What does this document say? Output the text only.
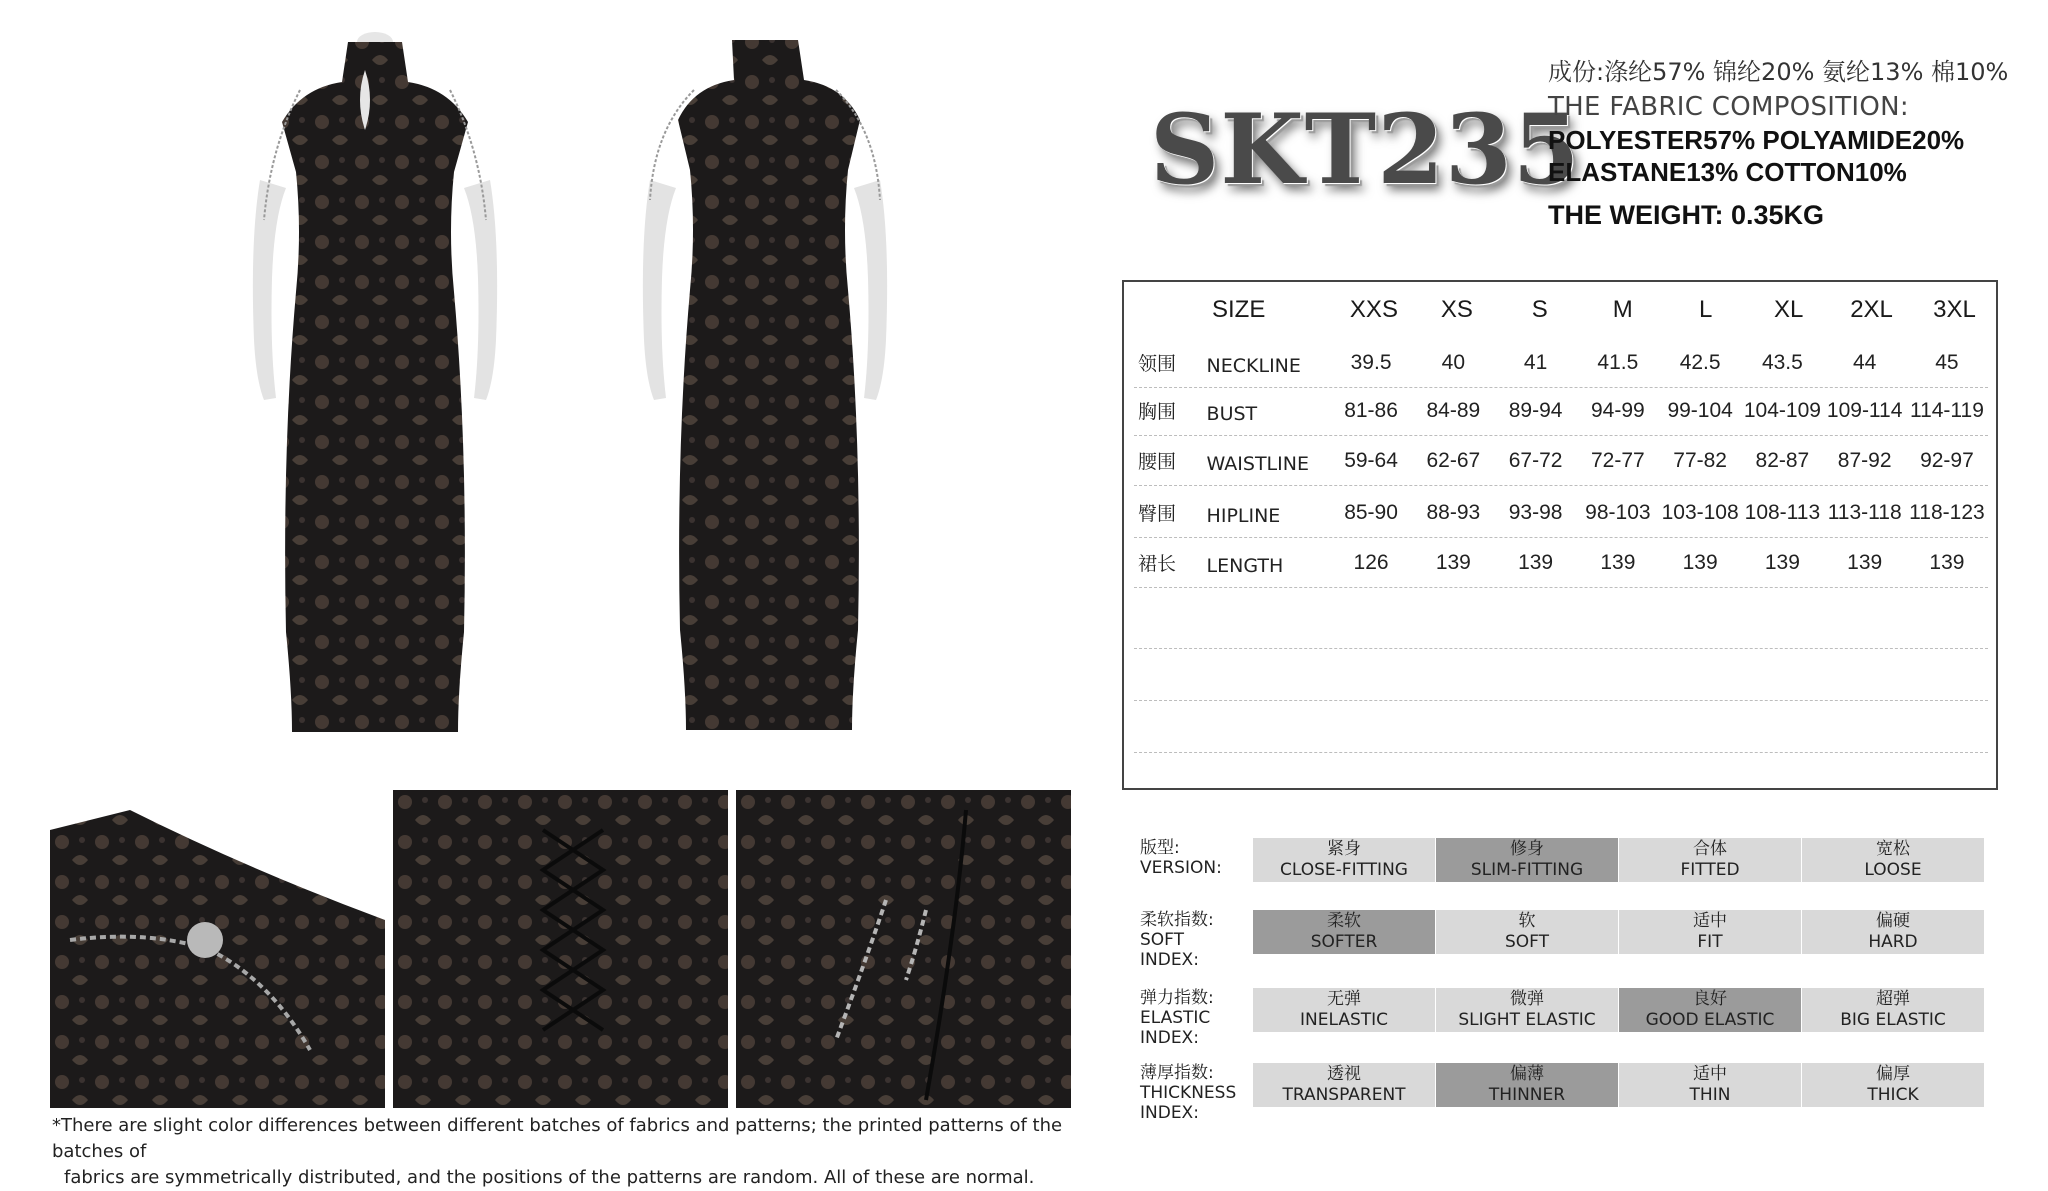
*There are slight color differences between different batches of fabrics and patterns; the printed patterns of the batches of
fabrics are symmetrically distributed, and the positions of the patterns are random. All of these are normal.
SKT235
成份:涤纶57% 锦纶20% 氨纶13% 棉10%
THE FABRIC COMPOSITION:
POLYESTER57% POLYAMIDE20%
ELASTANE13% COTTON10%
THE WEIGHT: 0.35KG
SIZE	XXS	XS	S	M	L	XL	2XL	3XL
领围	NECKLINE	39.5	40	41	41.5	42.5	43.5	44	45
胸围	BUST	81-86	84-89	89-94	94-99	99-104 104-109 109-114 114-119
腰围	WAISTLINE	59-64	62-67	67-72	72-77	77-82	82-87	87-92	92-97
臀围	HIPLINE	85-90	88-93	93-98	98-103 103-108 108-113 113-118 118-123
裙长	LENGTH	126	139	139	139	139	139	139	139
版型:
VERSION:
紧身
CLOSE-FITTING
修身
SLIM-FITTING
合体
FITTED
宽松
LOOSE
柔软指数:
SOFT
INDEX:
柔软
SOFTER
软
SOFT
适中
FIT
偏硬
HARD
弹力指数:
ELASTIC
INDEX:
无弹
INELASTIC
微弹
SLIGHT ELASTIC
良好
GOOD ELASTIC
超弹
BIG ELASTIC
薄厚指数:
THICKNESS
INDEX:
透视
TRANSPARENT
偏薄
THINNER
适中
THIN
偏厚
THICK
